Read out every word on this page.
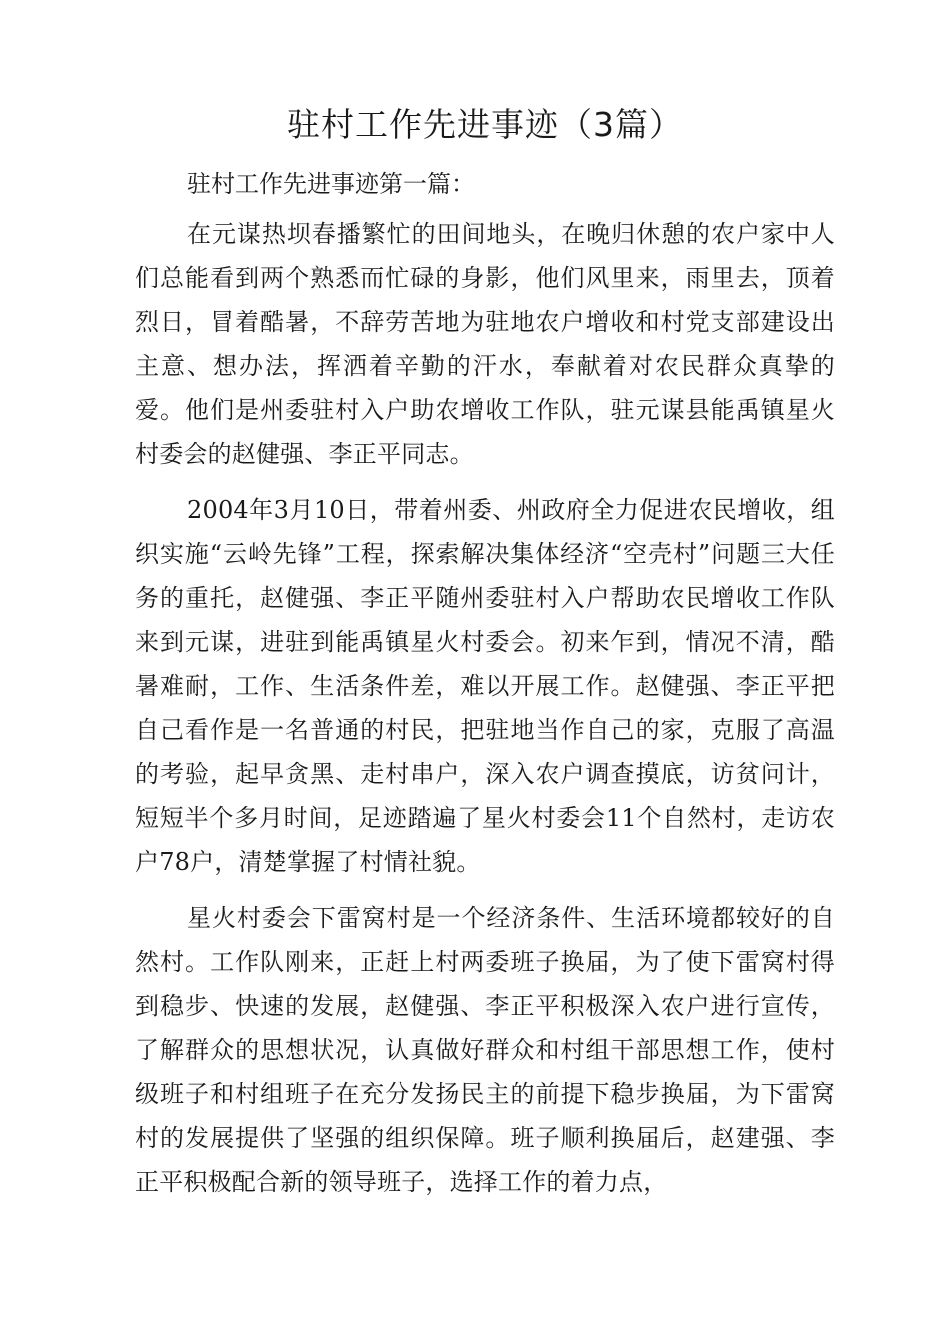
驻村工作先进事迹（3篇）

驻村工作先进事迹第一篇：

在元谋热坝春播繁忙的田间地头，在晚归休憩的农户家中人们总能看到两个熟悉而忙碌的身影，他们风里来，雨里去，顶着烈日，冒着酷暑，不辞劳苦地为驻地农户增收和村党支部建设出主意、想办法，挥洒着辛勤的汗水，奉献着对农民群众真挚的爱。他们是州委驻村入户助农增收工作队，驻元谋县能禹镇星火村委会的赵健强、李正平同志。

2004年3月10日，带着州委、州政府全力促进农民增收，组织实施“云岭先锋”工程，探索解决集体经济“空壳村”问题三大任务的重托，赵健强、李正平随州委驻村入户帮助农民增收工作队来到元谋，进驻到能禹镇星火村委会。初来乍到，情况不清，酷暑难耐，工作、生活条件差，难以开展工作。赵健强、李正平把自己看作是一名普通的村民，把驻地当作自己的家，克服了高温的考验，起早贪黑、走村串户，深入农户调查摸底，访贫问计，短短半个多月时间，足迹踏遍了星火村委会11个自然村，走访农户78户，清楚掌握了村情社貌。

星火村委会下雷窝村是一个经济条件、生活环境都较好的自然村。工作队刚来，正赶上村两委班子换届，为了使下雷窝村得到稳步、快速的发展，赵健强、李正平积极深入农户进行宣传，了解群众的思想状况，认真做好群众和村组干部思想工作，使村级班子和村组班子在充分发扬民主的前提下稳步换届，为下雷窝村的发展提供了坚强的组织保障。班子顺利换届后，赵建强、李正平积极配合新的领导班子，选择工作的着力点，
